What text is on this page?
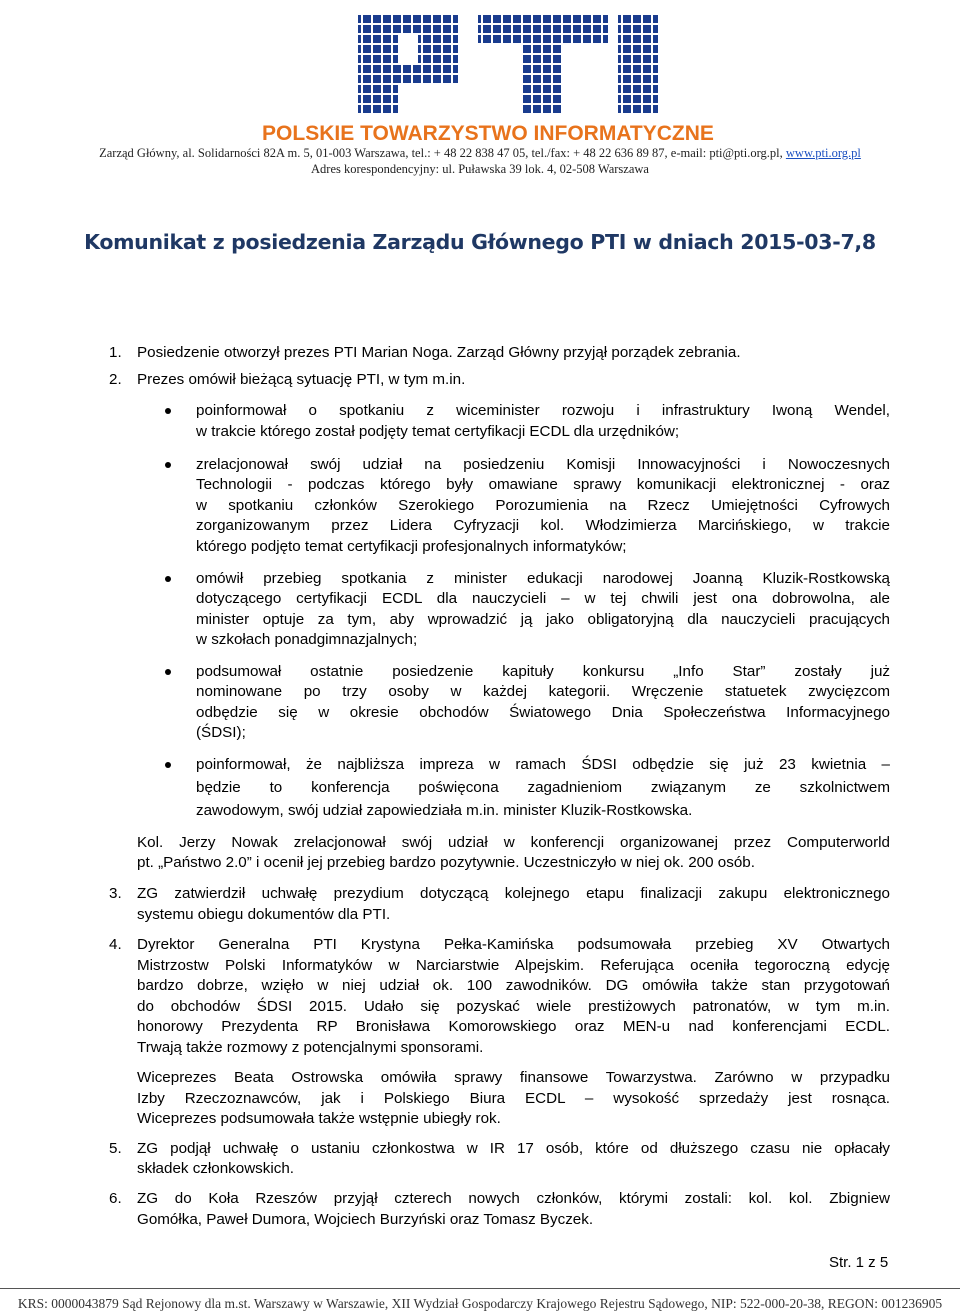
POLSKIE TOWARZYSTWO INFORMATYCZNE
Zarząd Główny, al. Solidarności 82A m. 5, 01-003 Warszawa, tel.: + 48 22 838 47 05, tel./fax: + 48 22 636 89 87, e-mail: pti@pti.org.pl, www.pti.org.pl
Adres korespondencyjny: ul. Puławska 39 lok. 4, 02-508 Warszawa
Komunikat z posiedzenia Zarządu Głównego PTI w dniach 2015-03-7,8
1. Posiedzenie otworzył prezes PTI Marian Noga. Zarząd Główny przyjął porządek zebrania.
2. Prezes omówił bieżącą sytuację PTI, w tym m.in.
poinformował o spotkaniu z wiceminister rozwoju i infrastruktury Iwoną Wendel,
w trakcie którego został podjęty temat certyfikacji ECDL dla urzędników;
zrelacjonował swój udział na posiedzeniu Komisji Innowacyjności i Nowoczesnych
Technologii - podczas którego były omawiane sprawy komunikacji elektronicznej - oraz
w spotkaniu członków Szerokiego Porozumienia na Rzecz Umiejętności Cyfrowych
zorganizowanym przez Lidera Cyfryzacji kol. Włodzimierza Marcińskiego, w trakcie
którego podjęto temat certyfikacji profesjonalnych informatyków;
omówił przebieg spotkania z minister edukacji narodowej Joanną Kluzik-Rostkowską
dotyczącego certyfikacji ECDL dla nauczycieli – w tej chwili jest ona dobrowolna, ale
minister optuje za tym, aby wprowadzić ją jako obligatoryjną dla nauczycieli pracujących
w szkołach ponadgimnazjalnych;
podsumował ostatnie posiedzenie kapituły konkursu „Info Star” zostały już
nominowane po trzy osoby w każdej kategorii. Wręczenie statuetek zwycięzcom
odbędzie się w okresie obchodów Światowego Dnia Społeczeństwa Informacyjnego
(ŚDSI);
poinformował, że najbliższa impreza w ramach ŚDSI odbędzie się już 23 kwietnia –
będzie to konferencja poświęcona zagadnieniom związanym ze szkolnictwem
zawodowym, swój udział zapowiedziała m.in. minister Kluzik-Rostkowska.
Kol. Jerzy Nowak zrelacjonował swój udział w konferencji organizowanej przez Computerworld
pt. „Państwo 2.0” i ocenił jej przebieg bardzo pozytywnie. Uczestniczyło w niej ok. 200 osób.
3. ZG zatwierdził uchwałę prezydium dotyczącą kolejnego etapu finalizacji zakupu elektronicznego
systemu obiegu dokumentów dla PTI.
4. Dyrektor Generalna PTI Krystyna Pełka-Kamińska podsumowała przebieg XV Otwartych
Mistrzostw Polski Informatyków w Narciarstwie Alpejskim. Referująca oceniła tegoroczną edycję
bardzo dobrze, wzięło w niej udział ok. 100 zawodników. DG omówiła także stan przygotowań
do obchodów ŚDSI 2015. Udało się pozyskać wiele prestiżowych patronatów, w tym m.in.
honorowy Prezydenta RP Bronisława Komorowskiego oraz MEN-u nad konferencjami ECDL.
Trwają także rozmowy z potencjalnymi sponsorami.
Wiceprezes Beata Ostrowska omówiła sprawy finansowe Towarzystwa. Zarówno w przypadku
Izby Rzeczoznawców, jak i Polskiego Biura ECDL – wysokość sprzedaży jest rosnąca.
Wiceprezes podsumowała także wstępnie ubiegły rok.
5. ZG podjął uchwałę o ustaniu członkostwa w IR 17 osób, które od dłuższego czasu nie opłacały
składek członkowskich.
6. ZG do Koła Rzeszów przyjął czterech nowych członków, którymi zostali: kol. kol. Zbigniew
Gomółka, Paweł Dumora, Wojciech Burzyński oraz Tomasz Byczek.
Str. 1 z 5
KRS: 0000043879 Sąd Rejonowy dla m.st. Warszawy w Warszawie, XII Wydział Gospodarczy Krajowego Rejestru Sądowego, NIP: 522-000-20-38, REGON: 001236905
